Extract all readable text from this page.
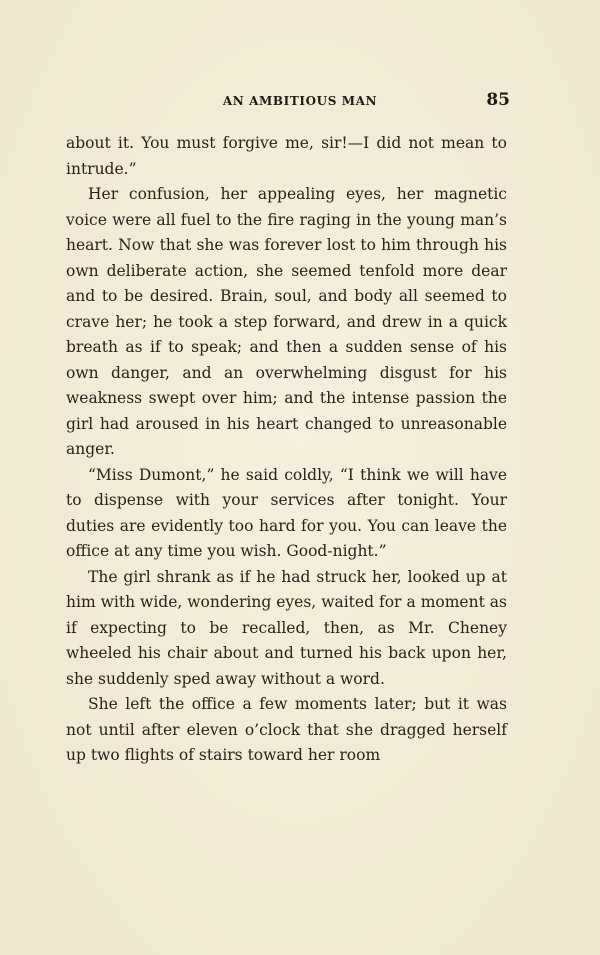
AN AMBITIOUS MAN	85

about it. You must forgive me, sir!—I did not mean to intrude.”

Her confusion, her appealing eyes, her magnetic voice were all fuel to the fire raging in the young man’s heart. Now that she was forever lost to him through his own deliberate action, she seemed tenfold more dear and to be desired. Brain, soul, and body all seemed to crave her; he took a step forward, and drew in a quick breath as if to speak; and then a sudden sense of his own danger, and an overwhelming disgust for his weakness swept over him; and the intense passion the girl had aroused in his heart changed to unreasonable anger.

“Miss Dumont,” he said coldly, “I think we will have to dispense with your services after tonight. Your duties are evidently too hard for you. You can leave the office at any time you wish. Good-night.”

The girl shrank as if he had struck her, looked up at him with wide, wondering eyes, waited for a moment as if expecting to be recalled, then, as Mr. Cheney wheeled his chair about and turned his back upon her, she suddenly sped away without a word.

She left the office a few moments later; but it was not until after eleven o’clock that she dragged herself up two flights of stairs toward her room
